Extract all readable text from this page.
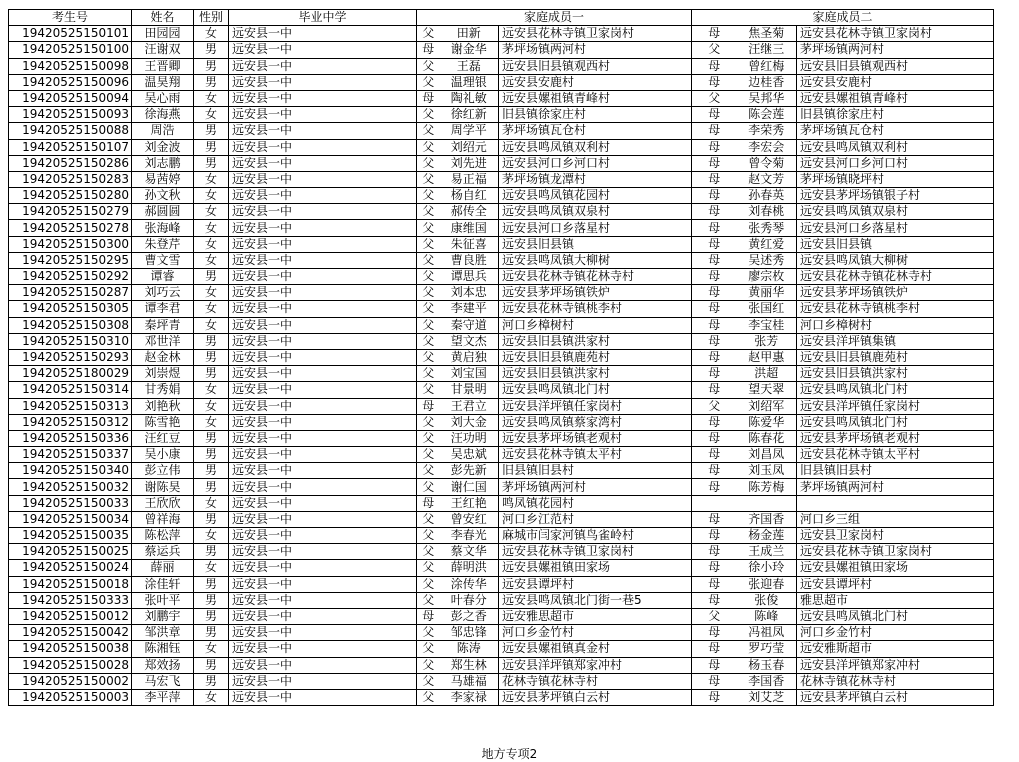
考生号	姓名	性别	毕业中学	家庭成员一			家庭成员二		
19420525150101	田园园	女	远安县一中	父	田新	远安县花林寺镇卫家岗村	母	焦圣菊	远安县花林寺镇卫家岗村
19420525150100	汪谢双	男	远安县一中	母	谢金华	茅坪场镇两河村	父	汪继三	茅坪场镇两河村
19420525150098	王晋卿	男	远安县一中	父	王磊	远安县旧县镇观西村	母	曾红梅	远安县旧县镇观西村
19420525150096	温昊翔	男	远安县一中	父	温理银	远安县安鹿村	母	边桂香	远安县安鹿村
19420525150094	吴心雨	女	远安县一中	母	陶礼敏	远安县嫘祖镇青峰村	父	吴邦华	远安县嫘祖镇青峰村
19420525150093	徐海燕	女	远安县一中	父	徐红新	旧县镇徐家庄村	母	陈会莲	旧县镇徐家庄村
19420525150088	周浩	男	远安县一中	父	周学平	茅坪场镇瓦仓村	母	李荣秀	茅坪场镇瓦仓村
19420525150107	刘金波	男	远安县一中	父	刘绍元	远安县鸣凤镇双利村	母	李宏会	远安县鸣凤镇双利村
19420525150286	刘志鹏	男	远安县一中	父	刘先进	远安县河口乡河口村	母	曾令菊	远安县河口乡河口村
19420525150283	易茜婷	女	远安县一中	父	易正福	茅坪场镇龙潭村	母	赵文芳	茅坪场镇晓坪村
19420525150280	孙文秋	女	远安县一中	父	杨自红	远安县鸣凤镇花园村	母	孙春英	远安县茅坪场镇银子村
19420525150279	郝圆圆	女	远安县一中	父	郝传全	远安县鸣凤镇双泉村	母	刘春桃	远安县鸣凤镇双泉村
19420525150278	张海峰	女	远安县一中	父	康维国	远安县河口乡落星村	母	张秀琴	远安县河口乡落星村
19420525150300	朱登芹	女	远安县一中	父	朱征喜	远安县旧县镇	母	黄红爱	远安县旧县镇
19420525150295	曹文雪	女	远安县一中	父	曹良胜	远安县鸣凤镇大柳树	母	吴述秀	远安县鸣凤镇大柳树
19420525150292	谭睿	男	远安县一中	父	谭思兵	远安县花林寺镇花林寺村	母	廖宗枚	远安县花林寺镇花林寺村
19420525150287	刘巧云	女	远安县一中	父	刘本忠	远安县茅坪场镇铁炉	母	黄丽华	远安县茅坪场镇铁炉
19420525150305	谭李君	女	远安县一中	父	李建平	远安县花林寺镇桃李村	母	张国红	远安县花林寺镇桃李村
19420525150308	秦坪青	女	远安县一中	父	秦守道	河口乡樟树村	母	李宝桂	河口乡樟树村
19420525150310	邓世洋	男	远安县一中	父	望文杰	远安县旧县镇洪家村	母	张芳	远安县洋坪镇集镇
19420525150293	赵金林	男	远安县一中	父	黄启独	远安县旧县镇鹿苑村	母	赵甲惠	远安县旧县镇鹿苑村
19420525180029	刘崇煜	男	远安县一中	父	刘宝国	远安县旧县镇洪家村	母	洪超	远安县旧县镇洪家村
19420525150314	甘秀娟	女	远安县一中	父	甘景明	远安县鸣凤镇北门村	母	望天翠	远安县鸣凤镇北门村
19420525150313	刘艳秋	女	远安县一中	母	王君立	远安县洋坪镇任家岗村	父	刘绍军	远安县洋坪镇任家岗村
19420525150312	陈雪艳	女	远安县一中	父	刘大金	远安县鸣凤镇蔡家湾村	母	陈爱华	远安县鸣凤镇北门村
19420525150336	汪红豆	男	远安县一中	父	汪功明	远安县茅坪场镇老观村	母	陈春花	远安县茅坪场镇老观村
19420525150337	吴小康	男	远安县一中	父	吴忠斌	远安县花林寺镇太平村	母	刘昌凤	远安县花林寺镇太平村
19420525150340	彭立伟	男	远安县一中	父	彭先新	旧县镇旧县村	母	刘玉凤	旧县镇旧县村
19420525150032	谢陈昊	男	远安县一中	父	谢仁国	茅坪场镇两河村	母	陈芳梅	茅坪场镇两河村
19420525150033	王欣欣	女	远安县一中	母	王红艳	鸣凤镇花园村			
19420525150034	曾祥海	男	远安县一中	父	曾安红	河口乡江范村	母	齐国香	河口乡三组
19420525150035	陈松萍	女	远安县一中	父	李春光	麻城市闫家河镇鸟雀岭村	母	杨金莲	远安县卫家岗村
19420525150025	蔡运兵	男	远安县一中	父	蔡文华	远安县花林寺镇卫家岗村	母	王成兰	远安县花林寺镇卫家岗村
19420525150024	薛丽	女	远安县一中	父	薛明洪	远安县嫘祖镇田家场	母	徐小玲	远安县嫘祖镇田家场
19420525150018	涂佳轩	男	远安县一中	父	涂传华	远安县谭坪村	母	张迎春	远安县谭坪村
19420525150333	张叶平	男	远安县一中	父	叶春分	远安县鸣凤镇北门街一巷5	母	张俊	雅思超市
19420525150012	刘鹏宇	男	远安县一中	母	彭之香	远安雅思超市	父	陈峰	远安县鸣凤镇北门村
19420525150042	邹洪章	男	远安县一中	父	邹忠锋	河口乡金竹村	母	冯祖凤	河口乡金竹村
19420525150038	陈湘钰	女	远安县一中	父	陈涛	远安县嫘祖镇真金村	母	罗巧莹	远安雅斯超市
19420525150028	郑效扬	男	远安县一中	父	郑生林	远安县洋坪镇郑家冲村	母	杨玉春	远安县洋坪镇郑家冲村
19420525150002	马宏飞	男	远安县一中	父	马雄福	花林寺镇花林寺村	母	李国香	花林寺镇花林寺村
19420525150003	李平萍	女	远安县一中	父	李家禄	远安县茅坪镇白云村	母	刘艾芝	远安县茅坪镇白云村
地方专项2
